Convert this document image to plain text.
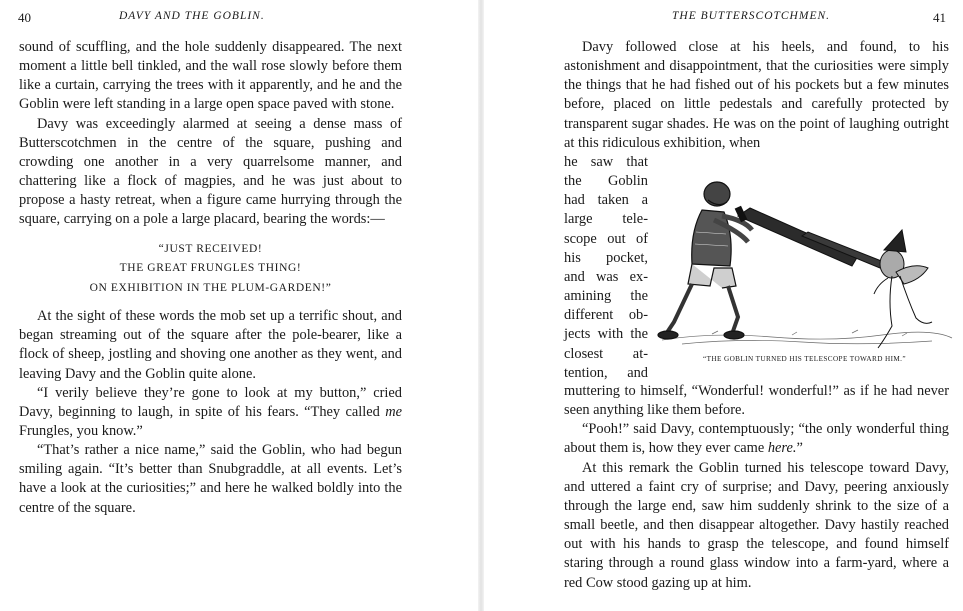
40	DAVY AND THE GOBLIN.

sound of scuffling, and the hole suddenly disappeared. The next moment a little bell tinkled, and the wall rose slowly before them like a curtain, carrying the trees with it apparently, and he and the Goblin were left standing in a large open space paved with stone.

Davy was exceedingly alarmed at seeing a dense mass of Butterscotchmen in the centre of the square, pushing and crowding one another in a very quarrelsome manner, and chattering like a flock of magpies, and he was just about to propose a hasty retreat, when a figure came hurrying through the square, carrying on a pole a large placard, bearing the words:—

“JUST RECEIVED!
THE GREAT FRUNGLES THING!
ON EXHIBITION IN THE PLUM-GARDEN!”

At the sight of these words the mob set up a terrific shout, and began streaming out of the square after the pole-bearer, like a flock of sheep, jostling and shoving one another as they went, and leaving Davy and the Goblin quite alone.

“I verily believe they’re gone to look at my button,” cried Davy, beginning to laugh, in spite of his fears. “They called me Frungles, you know.”

“That’s rather a nice name,” said the Goblin, who had begun smiling again. “It’s better than Snubgraddle, at all events. Let’s have a look at the curiosities;” and here he walked boldly into the centre of the square.

THE BUTTERSCOTCHMEN.	41

Davy followed close at his heels, and found, to his astonishment and disappointment, that the curiosities were simply the things that he had fished out of his pockets but a few minutes before, placed on little pedestals and carefully protected by transparent sugar shades. He was on the point of laughing outright at this ridiculous exhibition, when

he saw that
the Goblin
had taken a
large tele-
scope out of
his pocket,
and was ex-
amining the
different ob-
jects with the
closest at-
tention, and
“THE GOBLIN TURNED HIS TELESCOPE TOWARD HIM.”

muttering to himself, “Wonderful! wonderful!” as if he had never seen anything like them before.

“Pooh!” said Davy, contemptuously; “the only wonderful thing about them is, how they ever came here.”

At this remark the Goblin turned his telescope toward Davy, and uttered a faint cry of surprise; and Davy, peering anxiously through the large end, saw him suddenly shrink to the size of a small beetle, and then disappear altogether. Davy hastily reached out with his hands to grasp the telescope, and found himself staring through a round glass window into a farm-yard, where a red Cow stood gazing up at him.
